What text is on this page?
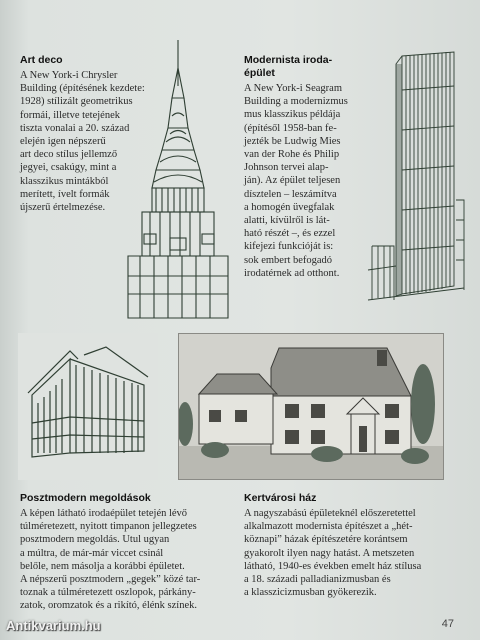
Art deco
A New York-i Chrysler
Building (építésének kezdete:
1928) stílizált geometrikus
formái, illetve tetejének
tiszta vonalai a 20. század
elején igen népszerű
art deco stílus jellemző
jegyei, csakúgy, mint a
klasszikus mintákból
merített, ívelt formák
újszerű értelmezése.
Modernista iroda-
épület
A New York-i Seagram
Building a modernizmus
mus klasszikus példája
(építésől 1958-ban fe-
jezték be Ludwig Mies
van der Rohe és Philip
Johnson tervei alap-
ján). Az épület teljesen
dísztelen – leszámítva
a homogén üvegfalak
alatti, kívülről is lát-
ható részét –, és ezzel
kifejezi funkcióját is:
sok embert befogadó
irodatérnek ad otthont.
Posztmodern megoldások
A képen látható irodaépület tetején lévő
túlméretezett, nyitott timpanon jellegzetes
posztmodern megoldás. Utul ugyan
a múltra, de már-már viccet csinál
belőle, nem másolja a korábbi épületet.
A népszerű posztmodern „gegek” közé tar-
toznak a túlméretezett oszlopok, párkány-
zatok, oromzatok és a rikító, élénk színek.
Kertvárosi ház
A nagyszabású épületeknél előszeretettel
alkalmazott modernista építészet a „hét-
köznapi” házak építészetére korántsem
gyakorolt ilyen nagy hatást. A metszeten
látható, 1940-es években emelt ház stílusa
a 18. századi palladianizmusban és
a klasszicizmusban gyökerezik.
47
Antikvarium.hu
